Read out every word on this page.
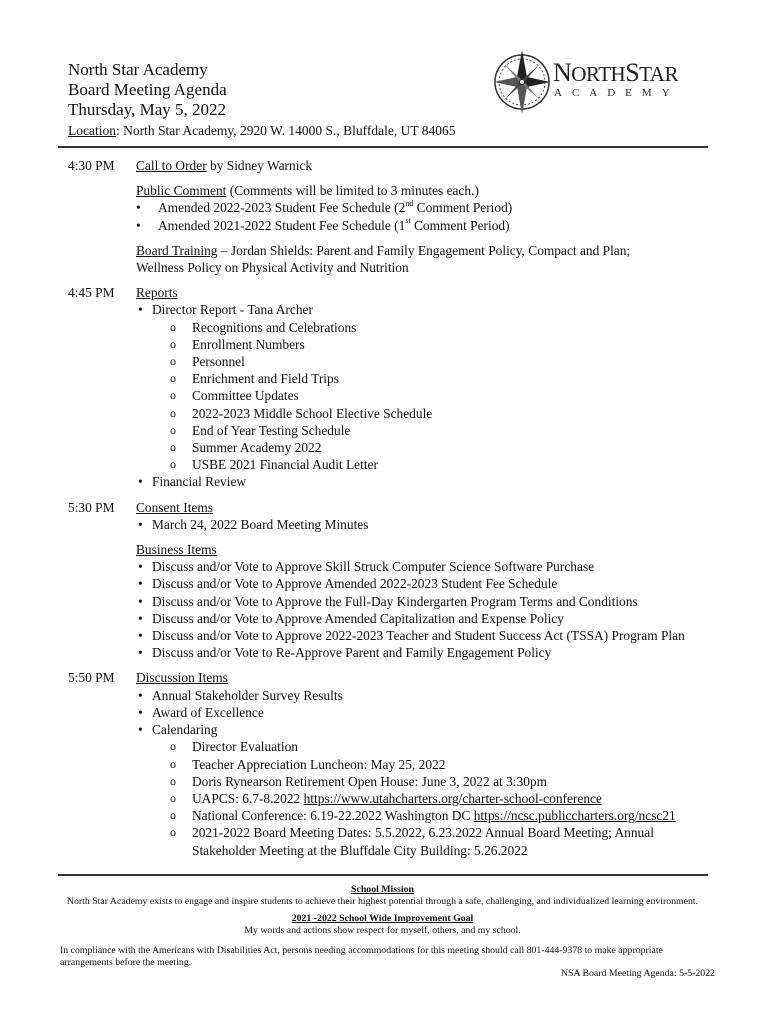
North Star Academy
Board Meeting Agenda
Thursday, May 5, 2022
Location: North Star Academy, 2920 W. 14000 S., Bluffdale, UT 84065
NORTHSTAR
ACADEMY
4:30 PM	Call to Order by Sidney Warnick
Public Comment (Comments will be limited to 3 minutes each.)
• Amended 2022-2023 Student Fee Schedule (2nd Comment Period)
• Amended 2021-2022 Student Fee Schedule (1st Comment Period)
Board Training – Jordan Shields: Parent and Family Engagement Policy, Compact and Plan;
Wellness Policy on Physical Activity and Nutrition
4:45 PM	Reports
• Director Report - Tana Archer
o Recognitions and Celebrations
o Enrollment Numbers
o Personnel
o Enrichment and Field Trips
o Committee Updates
o 2022-2023 Middle School Elective Schedule
o End of Year Testing Schedule
o Summer Academy 2022
o USBE 2021 Financial Audit Letter
• Financial Review
5:30 PM	Consent Items
• March 24, 2022 Board Meeting Minutes
Business Items
• Discuss and/or Vote to Approve Skill Struck Computer Science Software Purchase
• Discuss and/or Vote to Approve Amended 2022-2023 Student Fee Schedule
• Discuss and/or Vote to Approve the Full-Day Kindergarten Program Terms and Conditions
• Discuss and/or Vote to Approve Amended Capitalization and Expense Policy
• Discuss and/or Vote to Approve 2022-2023 Teacher and Student Success Act (TSSA) Program Plan
• Discuss and/or Vote to Re-Approve Parent and Family Engagement Policy
5:50 PM	Discussion Items
• Annual Stakeholder Survey Results
• Award of Excellence
• Calendaring
o Director Evaluation
o Teacher Appreciation Luncheon: May 25, 2022
o Doris Rynearson Retirement Open House: June 3, 2022 at 3:30pm
o UAPCS: 6.7-8.2022 https://www.utahcharters.org/charter-school-conference
o National Conference: 6.19-22.2022 Washington DC https://ncsc.publiccharters.org/ncsc21
o 2021-2022 Board Meeting Dates: 5.5.2022, 6.23.2022 Annual Board Meeting; Annual
Stakeholder Meeting at the Bluffdale City Building: 5.26.2022
School Mission
North Star Academy exists to engage and inspire students to achieve their highest potential through a safe, challenging, and individualized learning environment.
2021 -2022 School Wide Improvement Goal
My words and actions show respect for myself, others, and my school.
In compliance with the Americans with Disabilities Act, persons needing accommodations for this meeting should call 801-444-9378 to make appropriate
arrangements before the meeting.
NSA Board Meeting Agenda: 5-5-2022
